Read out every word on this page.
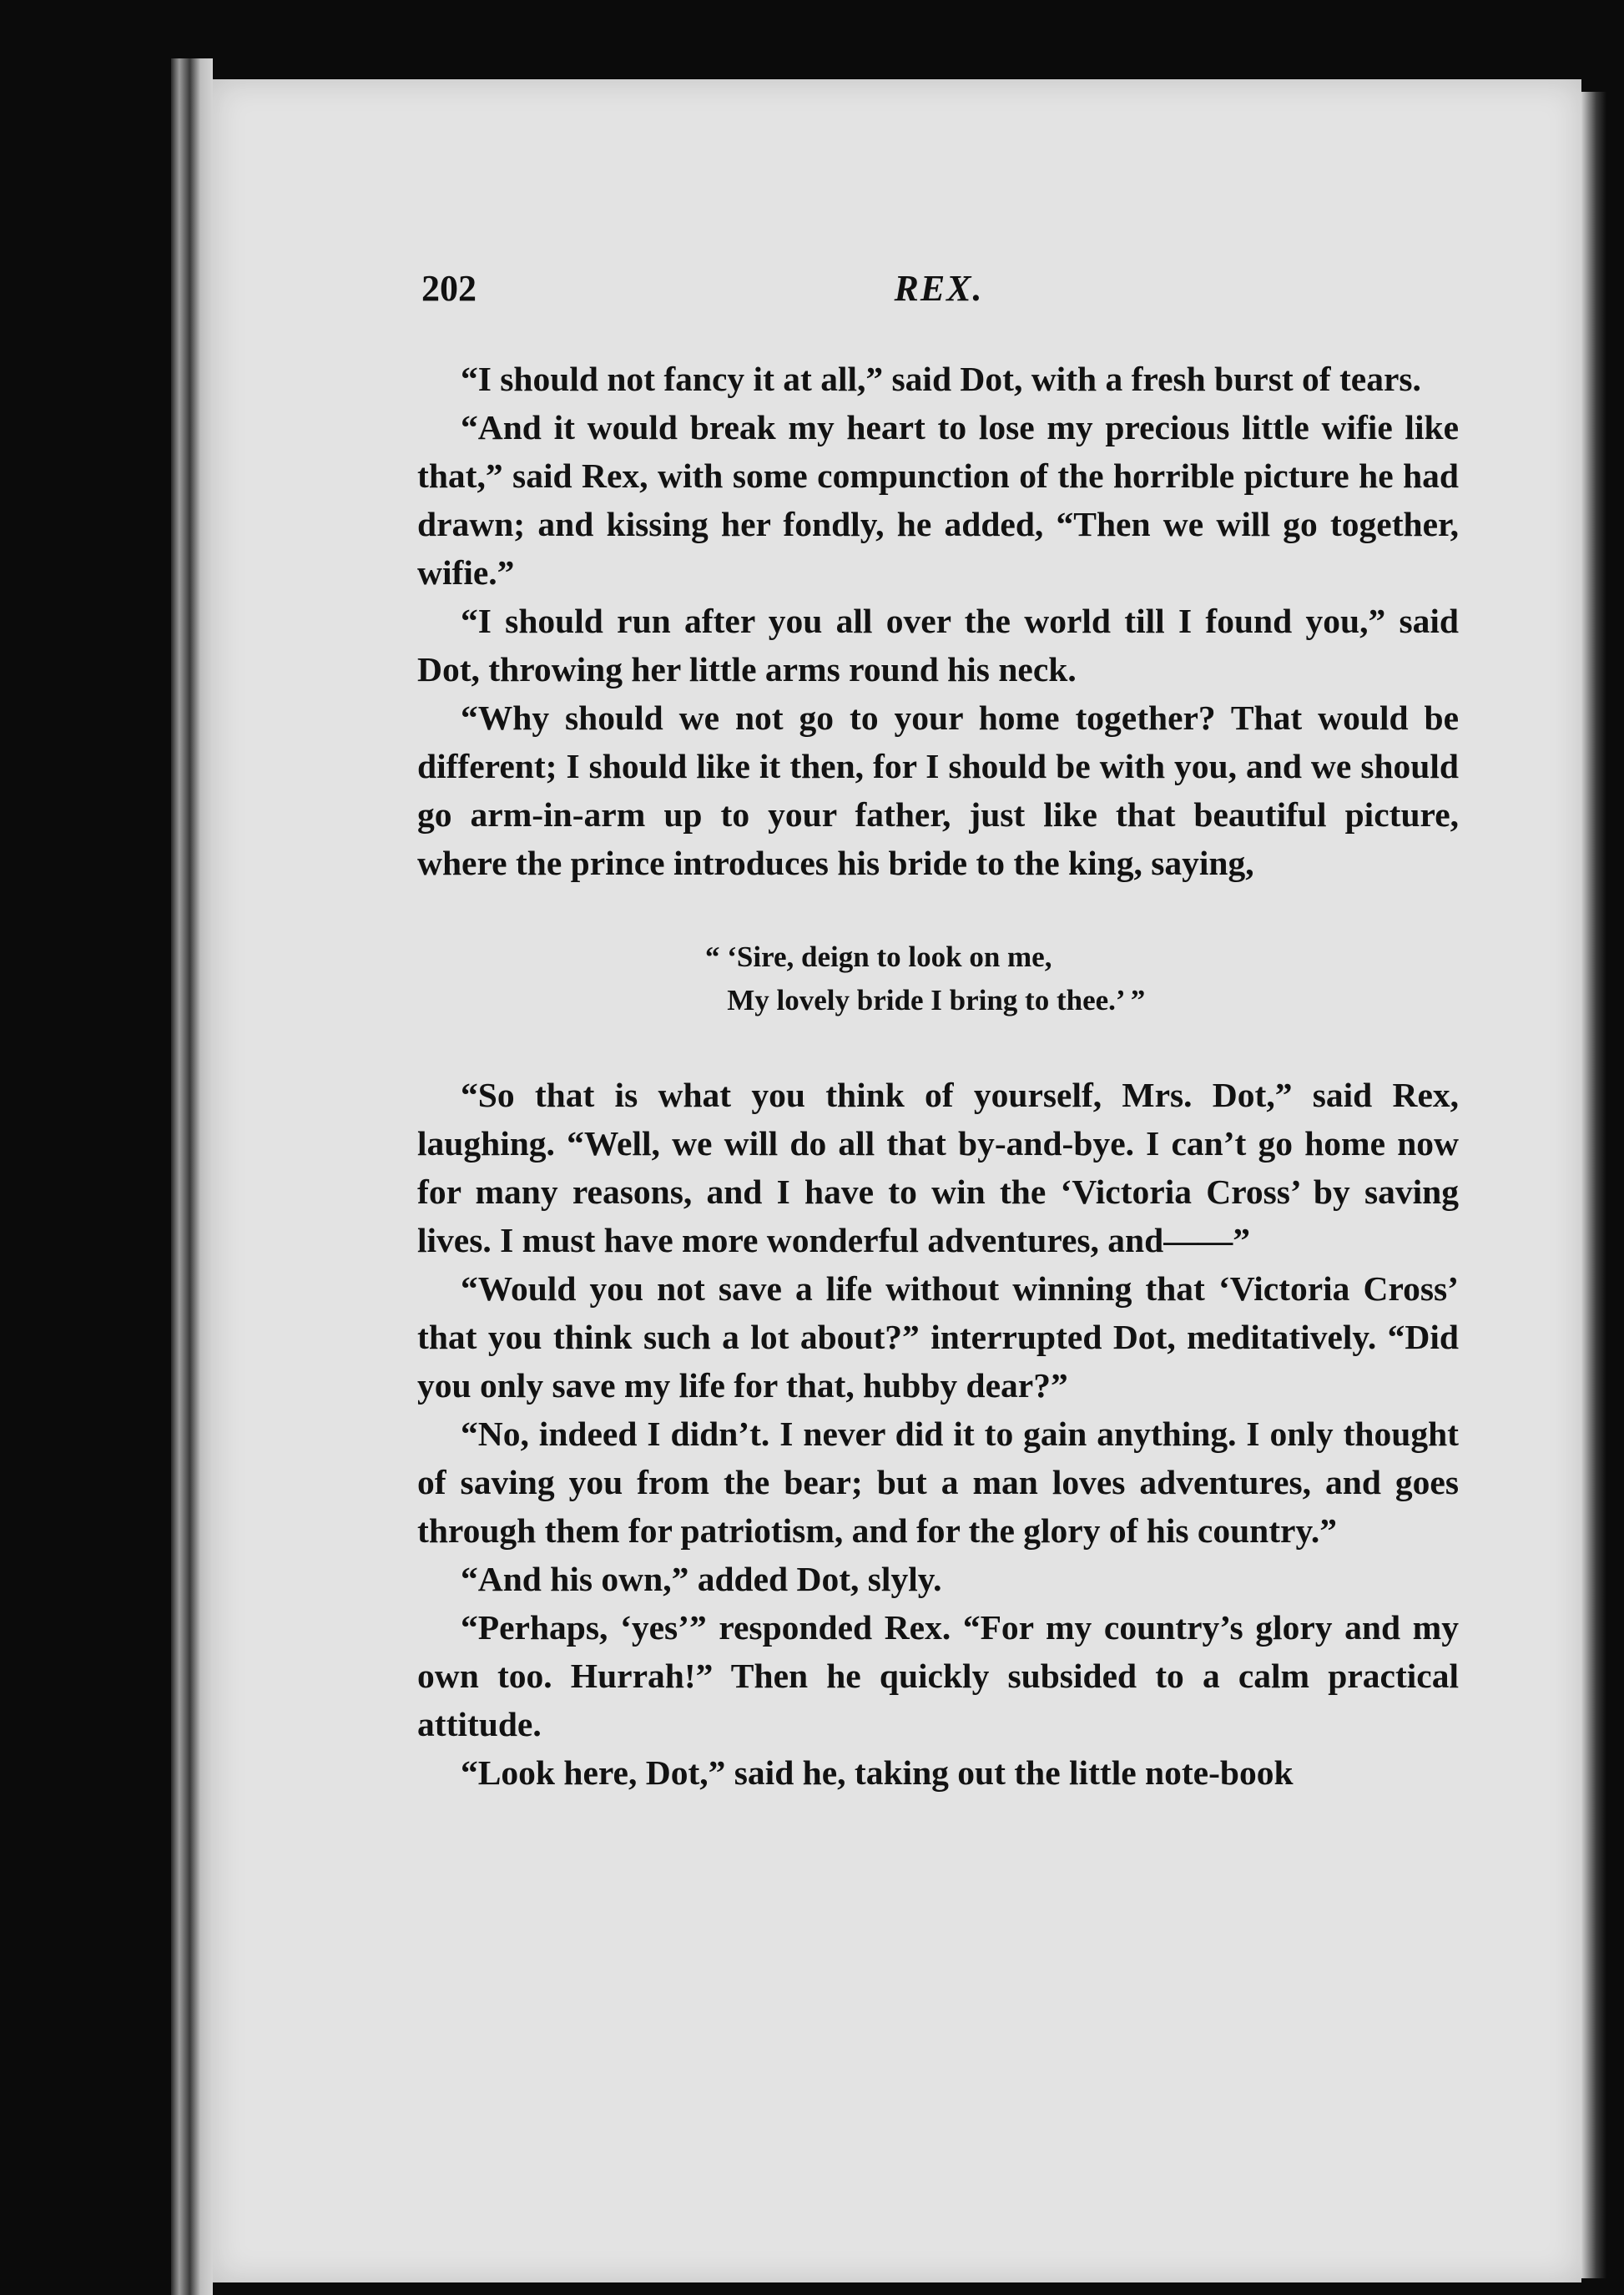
202	REX.

“I should not fancy it at all,” said Dot, with a fresh burst of tears.

“And it would break my heart to lose my precious little wifie like that,” said Rex, with some compunction of the horrible picture he had drawn; and kissing her fondly, he added, “Then we will go together, wifie.”

“I should run after you all over the world till I found you,” said Dot, throwing her little arms round his neck.

“Why should we not go to your home together? That would be different; I should like it then, for I should be with you, and we should go arm-in-arm up to your father, just like that beautiful picture, where the prince introduces his bride to the king, saying,

“ ‘Sire, deign to look on me,
My lovely bride I bring to thee.’ ”

“So that is what you think of yourself, Mrs. Dot,” said Rex, laughing. “Well, we will do all that by-and-bye. I can’t go home now for many reasons, and I have to win the ‘Victoria Cross’ by saving lives. I must have more wonderful adventures, and——”

“Would you not save a life without winning that ‘Victoria Cross’ that you think such a lot about?” interrupted Dot, meditatively. “Did you only save my life for that, hubby dear?”

“No, indeed I didn’t. I never did it to gain anything. I only thought of saving you from the bear; but a man loves adventures, and goes through them for patriotism, and for the glory of his country.”

“And his own,” added Dot, slyly.

“Perhaps, ‘yes’” responded Rex. “For my country’s glory and my own too. Hurrah!” Then he quickly subsided to a calm practical attitude.

“Look here, Dot,” said he, taking out the little note-book
